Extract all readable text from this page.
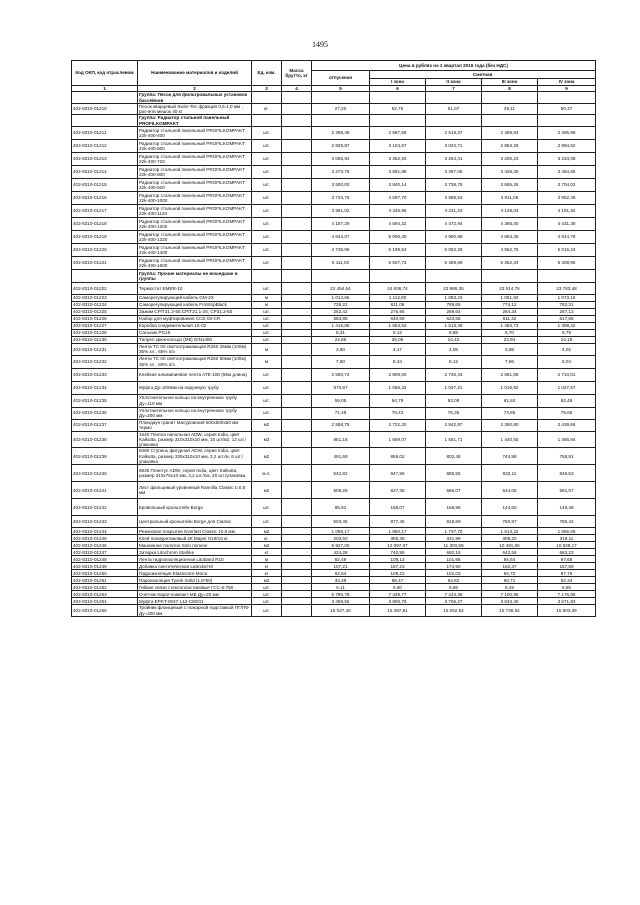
1495
Код ОКП, код отраслевом	Наименование материалов и изделий	Ед. изм.	Масса брутто, кг	Цена в рублях на 1 квартал 2016 года (без НДС)				
				отпускная	Сметная			
					I зона	II зона	III зона	IV зона
1	2	3	4	5	6	7	8	9
	Группа: Песок для фильтровальных установок бассейнов							
402-8310-01210	Песок кварцевый Swim-Tec фракция 0,5-1,0 мм , расчетв мешок 40 кг	кг.		27,20	52,76	51,07	49,11	50,37
	Группа: Радиатор стальной панельный PROFILKOMPAKT							
402-8310-01211	Радиатор стальной панельный PROFILKOMPAKT 22k-400-400	шт.		2 358,46	2 587,58	2 519,37	2 469,84	2 495,96
402-8310-01212	Радиатор стальной панельный PROFILKOMPAKT 22k-400-600	шт.		2 829,87	3 104,67	3 022,71	2 963,28	2 994,62
402-8310-01213	Радиатор стальной панельный PROFILKOMPAKT 22k-400-720	шт.		3 055,94	3 352,93	3 264,41	3 200,23	3 234,08
402-8310-01214	Радиатор стальной панельный PROFILKOMPAKT 22k-400-800	шт.		3 273,75	3 591,88	3 497,06	3 428,30	3 464,56
402-8310-01215	Радиатор стальной панельный PROFILKOMPAKT 22k-400-920	шт.		3 500,00	3 840,14	3 738,76	3 665,26	3 704,02
402-8310-01216	Радиатор стальной панельный PROFILKOMPAKT 22k-400-1000	шт.		3 734,75	4 097,70	3 989,53	3 911,09	3 952,46
402-8310-01217	Радиатор стальной панельный PROFILKOMPAKT 22k-400-1120	шт.		3 961,02	4 345,96	4 231,23	4 148,04	4 191,92
402-8310-01218	Радиатор стальной панельный PROFILKOMPAKT 22k-400-1200	шт.		4 187,29	4 594,22	4 472,94	4 385,00	4 431,38
402-8310-01219	Радиатор стальной панельный PROFILKOMPAKT 22k-400-1320	шт.		4 644,07	5 095,40	4 960,88	4 863,35	4 914,79
402-8310-01220	Радиатор стальной панельный PROFILKOMPAKT 22k-400-1400	шт.		4 735,99	5 199,54	5 062,28	4 962,75	5 015,24
402-8310-01221	Радиатор стальной панельный PROFILKOMPAKT 22k-400-1600	шт.		5 111,02	5 607,73	5 459,69	5 352,34	5 408,96
	Группа: Прочие материалы не вошедшие в группы							
402-8310-01222	Термостат EMER-10	шт.		22 454,54	24 636,74	23 986,35	23 514,76	23 763,48
402-8310-01223	Саморегулирующий кабель GM-2X	м		1 014,65	1 112,80	1 083,23	1 061,93	1 073,16
402-8310-01224	Саморегулирующий кабель FroStopBlack	м		739,22	811,06	789,65	774,12	782,31
402-8310-01225	Зажим CP/T31.2-50,CP/T31.1-25, CP31.2-50	шт.		252,42	276,95	269,64	264,34	267,13
402-8310-01226	Набор для муфтирования CCE-03-CR	шт.		583,85	640,59	623,68	611,42	617,88
402-8310-01227	Коробка соединительная 1S-02	шт.		1 416,85	1 554,52	1 513,48	1 483,73	1 499,42
402-8310-01228	Сальник PG16	шт.		8,31	9,12	8,88	8,70	8,79
402-8310-01230	Талреп крюк-кольцо (M6) DIN1480	шт.		22,86	25,08	24,42	23,94	24,19
402-8310-01231	Лента ТС 00 светоотражающая R250 25мм (100м) 35% хл , 65% п/э	м		3,80	4,17	4,06	3,98	4,02
402-8310-01232	Лента ТС 00 светоотражающая R250 50мм (100м) 35% хл , 65% п/э	м		7,60	8,34	8,12	7,96	8,04
402-8310-01233	Клейкая алюминиевая лента ATE-180 (55м длина)	шт.		2 560,74	2 809,60	2 735,43	2 681,65	2 710,01
402-8310-01234	Муфта Ду=200мм на наружную трубу	шт.		970,97	1 065,33	1 037,21	1 016,82	1 027,57
402-8310-01235	Уплотнительное кольцо на внутреннюю трубу Ду=110 мм	шт.		59,05	64,79	63,08	61,84	62,49
402-8310-01236	Уплотнительное кольцо на внутреннюю трубу Ду=200 мм	шт.		71,48	78,43	76,36	74,86	75,65
402-8310-01237	Плиндаун гранит Масуровский 500х500х50 мм термо	м2		2 558,78	2 722,20	2 542,97	2 350,80	2 436,66
402-8310-01238	1640 Плитка напольная ADW, серия India, цвет Kalkutta, размер 310х310х10 мм, 10 шт/м2, 12 шт./упаковка	м2		951,18	1 669,07	1 551,71	1 440,55	1 486,84
402-8310-01239	9460 Ступень фигурная ADW, серия India, цвет Kalkutta, размер 335х310х10 мм, 3,2 шт./м, 6 шт./упаковка	м2		491,69	859,02	802,48	744,98	768,91
402-8310-01240	8835 Плинтус ADW, серия India, цвет Kalkutta, размер 310х75х10 мм, 3,2 шт./пм, 20 шт./упаковка	м.п.		542,82	947,96	885,55	822,11	848,53
402-8310-01241	Лист фальцевый уровневый Rannilla Classic t=0,5 мм	м2		509,25	627,38	586,07	544,06	561,57
402-8310-01242	Кровельный кронштейн Borge	шт.		95,81	168,07	156,98	144,60	149,49
402-8310-01243	Центральный кронштейн Borge для Classic	шт.		503,45	877,46	819,69	760,97	785,42
402-8310-01244	Резиновое покрытие Everlast Classic 10,0 мм.	м2		1 065,17	1 860,17	1 737,70	1 613,22	1 665,06
402-8310-01245	Клей полиуретановый 2К Mapei O19/10 кг.	кг.		203,50	355,39	331,99	308,20	318,11
402-8310-01246	Машинное полотно Solo полное	м2		6 927,00	12 097,07	11 300,59	10 491,06	10 828,17
402-8310-01247	Затирка Litochrom Starlike	кг		424,28	740,95	692,16	642,58	663,23
402-8310-01248	Лента гидроизоляционная Litoband R10	м		62,49	109,13	101,95	94,64	97,68
402-8310-01249	Добавка синтетическая Latexkol-M	кг		107,21	187,23	174,90	162,37	167,59
402-8310-01250	Гидроизоляция Elastocem-Mono	кг		62,54	109,22	102,03	94,72	97,76
402-8310-01251	Пароизоляция Tyvek Solid (1,5*50)	м2		33,48	58,47	54,62	50,71	52,34
402-8310-01252	Гибкие связи стеклопластиковые ГСС-6-750	шт.		5,11	8,90	8,86	8,49	8,56
402-8310-01253	Счетчик Карат-компакт-МБ Ду=20 мм	шт.		6 780,79	7 439,77	7 243,36	7 100,95	7 176,06
402-8310-01254	Муфта EPKT-0047-L12-CEE01	шт.		3 469,56	3 806,76	3 706,27	3 633,40	3 671,83
402-8310-01255	Тройник фланцевый с пожарной подставкой ПГ/ПФ Ду=200 мм	шт.		15 027,40	16 487,81	16 052,54	15 736,94	15 903,39
